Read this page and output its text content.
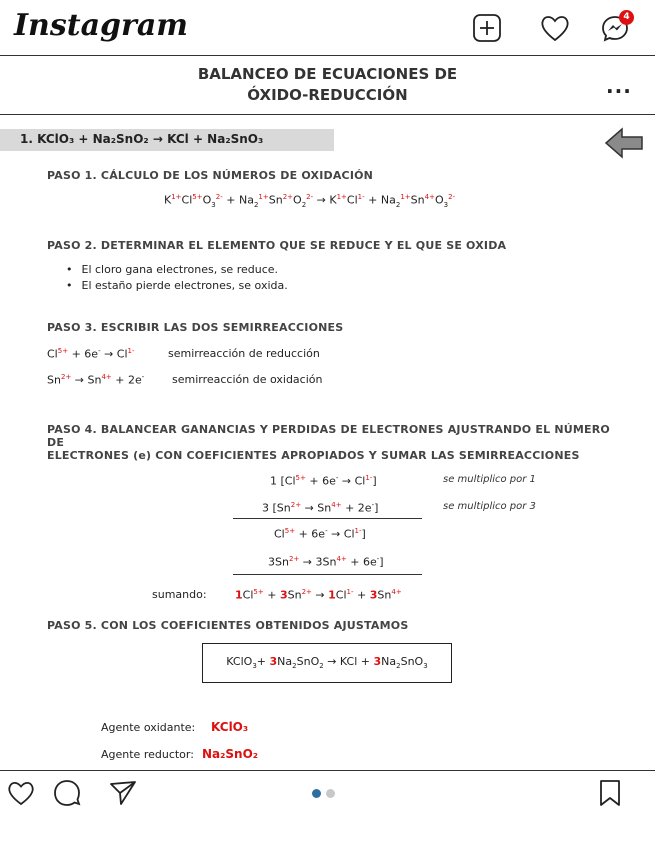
Instagram	4
BALANCEO DE ECUACIONES DE
ÓXIDO-REDUCCIÓN	...
1. KClO₃ + Na₂SnO₂ → KCl + Na₂SnO₃
PASO 1. CÁLCULO DE LOS NÚMEROS DE OXIDACIÓN
$K^{1+}Cl^{5+}O_3^{2-} + Na_2^{1+}Sn^{2+}O_2^{2-} \to K^{1+}Cl^{1-} + Na_2^{1+}Sn^{4+}O_3^{2-}$
PASO 2. DETERMINAR EL ELEMENTO QUE SE REDUCE Y EL QUE SE OXIDA
• El cloro gana electrones, se reduce.
• El estaño pierde electrones, se oxida.
PASO 3. ESCRIBIR LAS DOS SEMIRREACCIONES
$Cl^{5+} + 6e^- \to Cl^{1-}$	semirreacción de reducción
$Sn^{2+} \to Sn^{4+} + 2e^-$	semirreacción de oxidación
PASO 4. BALANCEAR GANANCIAS Y PERDIDAS DE ELECTRONES AJUSTRANDO EL NÚMERO DE
ELECTRONES (e) CON COEFICIENTES APROPIADOS Y SUMAR LAS SEMIRREACCIONES
1 $[Cl^{5+} + 6e^- \to Cl^{1-}]$	se multiplico por 1
3 $[Sn^{2+} \to Sn^{4+} + 2e^-]$	se multiplico por 3
$Cl^{5+} + 6e^- \to Cl^{1-}$]
$3Sn^{2+} \to 3Sn^{4+} + 6e^-$]
sumando:	$1Cl^{5+} + 3Sn^{2+} \to 1Cl^{1-} + 3Sn^{4+}$
PASO 5. CON LOS COEFICIENTES OBTENIDOS AJUSTAMOS
KClO$_3$+ $3Na_2SnO_2$ → KCl + $3Na_2SnO_3$
Agente oxidante: KClO₃
Agente reductor: Na₂SnO₂
